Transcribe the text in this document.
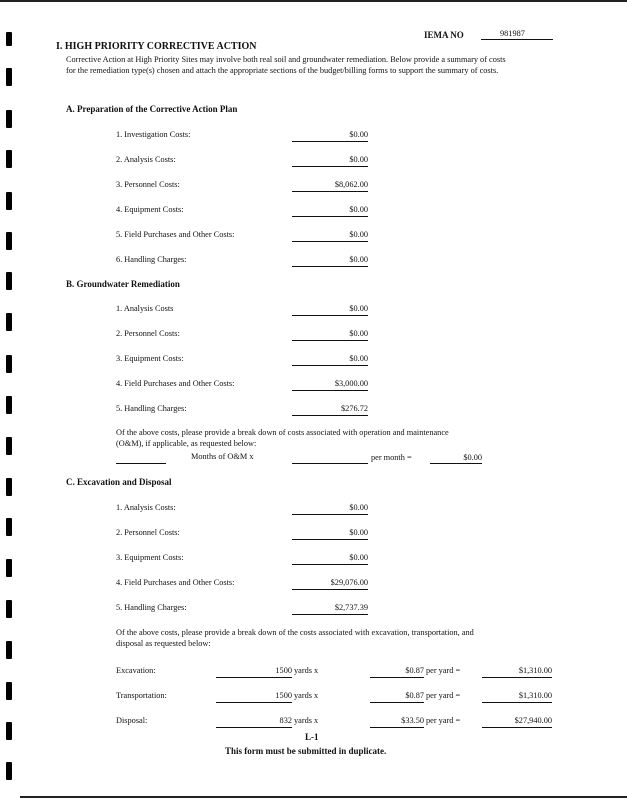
IEMA NO	981987
I. HIGH PRIORITY CORRECTIVE ACTION
Corrective Action at High Priority Sites may involve both real soil and groundwater remediation. Below provide a summary of costs for the remediation type(s) chosen and attach the appropriate sections of the budget/billing forms to support the summary of costs.
A. Preparation of the Corrective Action Plan
1. Investigation Costs:	$0.00
2. Analysis Costs:	$0.00
3. Personnel Costs:	$8,062.00
4. Equipment Costs:	$0.00
5. Field Purchases and Other Costs:	$0.00
6. Handling Charges:	$0.00
B. Groundwater Remediation
1. Analysis Costs	$0.00
2. Personnel Costs:	$0.00
3. Equipment Costs:	$0.00
4. Field Purchases and Other Costs:	$3,000.00
5. Handling Charges:	$276.72
Of the above costs, please provide a break down of costs associated with operation and maintenance (O&M), if applicable, as requested below:
Months of O&M x	per month =	$0.00
C. Excavation and Disposal
1. Analysis Costs:	$0.00
2. Personnel Costs:	$0.00
3. Equipment Costs:	$0.00
4. Field Purchases and Other Costs:	$29,076.00
5. Handling Charges:	$2,737.39
Of the above costs, please provide a break down of the costs associated with excavation, transportation, and disposal as requested below:
Excavation:	1500 yards x	$0.87 per yard =	$1,310.00
Transportation:	1500 yards x	$0.87 per yard =	$1,310.00
Disposal:	832 yards x	$33.50 per yard =	$27,940.00
L-1
This form must be submitted in duplicate.
